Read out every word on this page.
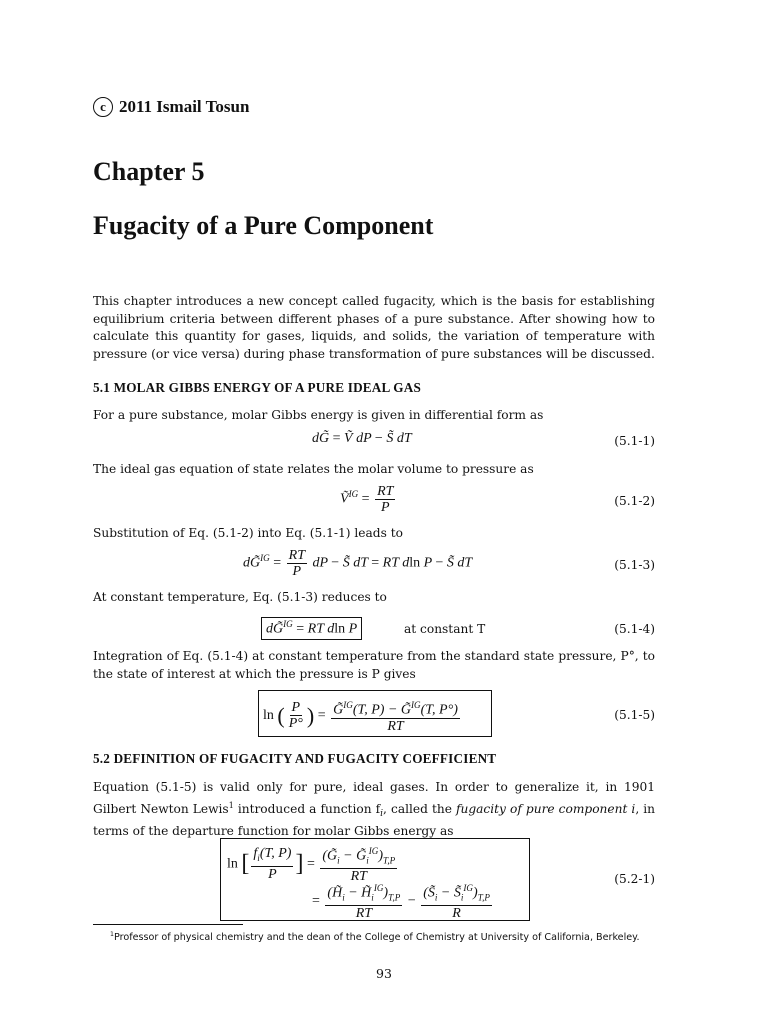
c 2011 Ismail Tosun
Chapter 5
Fugacity of a Pure Component
This chapter introduces a new concept called fugacity, which is the basis for establishing equilibrium criteria between different phases of a pure substance. After showing how to calculate this quantity for gases, liquids, and solids, the variation of temperature with pressure (or vice versa) during phase transformation of pure substances will be discussed.
5.1 MOLAR GIBBS ENERGY OF A PURE IDEAL GAS
For a pure substance, molar Gibbs energy is given in differential form as
dG̃ = Ṽ dP − S̃ dT	(5.1-1)
The ideal gas equation of state relates the molar volume to pressure as
Ṽ$^{IG}$ = $\frac{RT}{P}$	(5.1-2)
Substitution of Eq. (5.1-2) into Eq. (5.1-1) leads to
dG̃$^{IG}$ = $\frac{RT}{P}$ dP − S̃ dT = RT dln P − S̃ dT	(5.1-3)
At constant temperature, Eq. (5.1-3) reduces to
dG̃$^{IG}$ = RT dln P	at constant T	(5.1-4)
Integration of Eq. (5.1-4) at constant temperature from the standard state pressure, P°, to the state of interest at which the pressure is P gives
ln ( $\frac{P}{P^\circ}$ ) = $\frac{G̃^{IG}(T, P) - G̃^{IG}(T, P^\circ)}{RT}$	(5.1-5)
5.2 DEFINITION OF FUGACITY AND FUGACITY COEFFICIENT
Equation (5.1-5) is valid only for pure, ideal gases. In order to generalize it, in 1901 Gilbert Newton Lewis$^1$ introduced a function $f_i$, called the fugacity of pure component i, in terms of the departure function for molar Gibbs energy as
ln [ $\frac{f_i(T, P)}{P}$ ] = $\frac{(G̃_i - G̃_i^{IG})_{T,P}}{RT}$
= $\frac{(H̃_i - H̃_i^{IG})_{T,P}}{RT} - \frac{(S̃_i - S̃_i^{IG})_{T,P}}{R}$
(5.2-1)
$^1$Professor of physical chemistry and the dean of the College of Chemistry at University of California, Berkeley.
93
